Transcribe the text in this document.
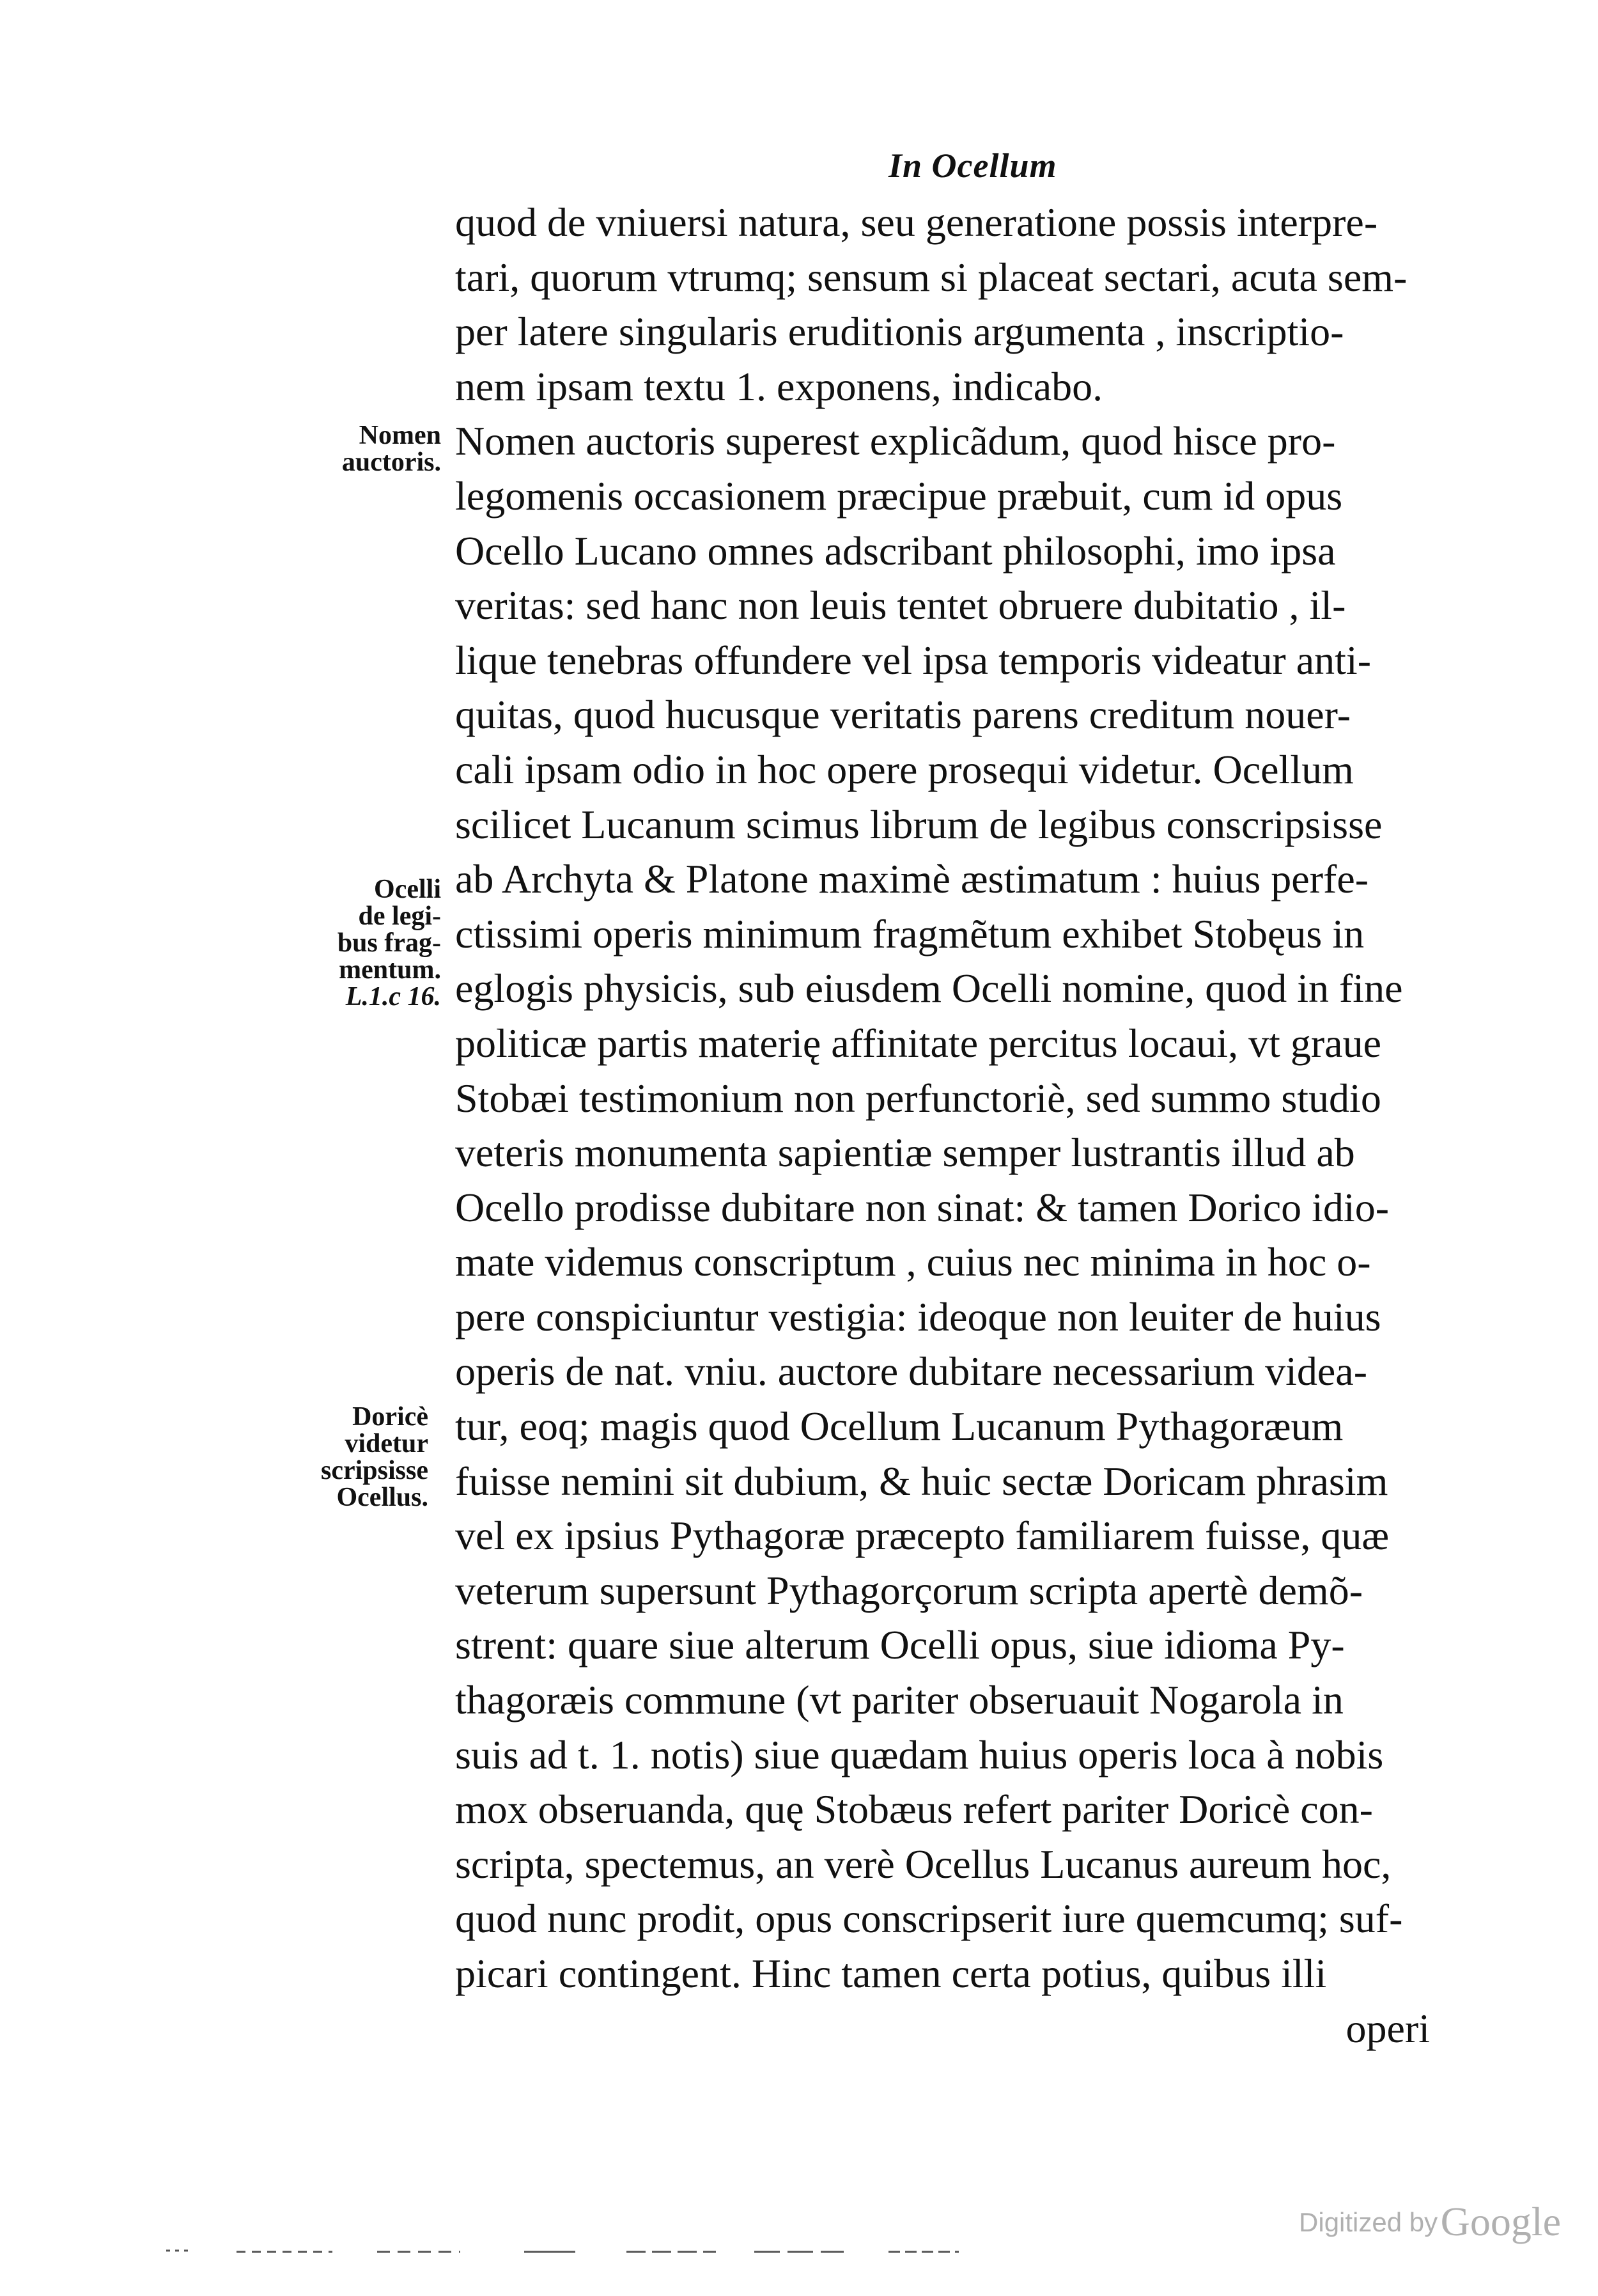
In Ocellum
quod de vniuersi natura, seu generatione possis interpre-
tari, quorum vtrumq; sensum si placeat sectari, acuta sem-
per latere singularis eruditionis argumenta , inscriptio-
nem ipsam textu 1. exponens, indicabo.
Nomen auctoris superest explicãdum, quod hisce pro-
legomenis occasionem præcipue præbuit, cum id opus
Ocello Lucano omnes adscribant philosophi, imo ipsa
veritas: sed hanc non leuis tentet obruere dubitatio , il-
lique tenebras offundere vel ipsa temporis videatur anti-
quitas, quod hucusque veritatis parens creditum nouer-
cali ipsam odio in hoc opere prosequi videtur. Ocellum
scilicet Lucanum scimus librum de legibus conscripsisse
ab Archyta & Platone maximè æstimatum : huius perfe-
ctissimi operis minimum fragmẽtum exhibet Stobęus in
eglogis physicis, sub eiusdem Ocelli nomine, quod in fine
politicæ partis materię affinitate percitus locaui, vt graue
Stobæi testimonium non perfunctoriè, sed summo studio
veteris monumenta sapientiæ semper lustrantis illud ab
Ocello prodisse dubitare non sinat: & tamen Dorico idio-
mate videmus conscriptum , cuius nec minima in hoc o-
pere conspiciuntur vestigia: ideoque non leuiter de huius
operis de nat. vniu. auctore dubitare necessarium videa-
tur, eoq; magis quod Ocellum Lucanum Pythagoræum
fuisse nemini sit dubium, & huic sectæ Doricam phrasim
vel ex ipsius Pythagoræ præcepto familiarem fuisse, quæ
veterum supersunt Pythagorçorum scripta apertè demõ-
strent: quare siue alterum Ocelli opus, siue idioma Py-
thagoræis commune (vt pariter obseruauit Nogarola in
suis ad t. 1. notis) siue quædam huius operis loca à nobis
mox obseruanda, quę Stobæus refert pariter Doricè con-
scripta, spectemus, an verè Ocellus Lucanus aureum hoc,
quod nunc prodit, opus conscripserit iure quemcumq; suf-
picari contingent. Hinc tamen certa potius, quibus illi
operi
Nomen
auctoris.
Ocelli
de legi-
bus frag-
mentum.
L.1.c 16.
Doricè
videtur
scripsisse
Ocellus.
Digitized by Google
